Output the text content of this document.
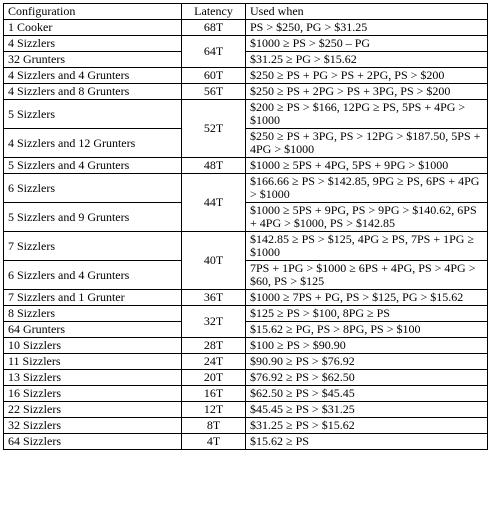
Configuration	Latency	Used when
1 Cooker	68T	PS > $250, PG > $31.25
4 Sizzlers	64T	$1000 ≥ PS > $250 – PG
32 Grunters		$31.25 ≥ PG > $15.62
4 Sizzlers and 4 Grunters	60T	$250 ≥ PS + PG > PS + 2PG, PS > $200
4 Sizzlers and 8 Grunters	56T	$250 ≥ PS + 2PG > PS + 3PG, PS > $200
5 Sizzlers	52T	$200 ≥ PS > $166, 12PG ≥ PS, 5PS + 4PG > $1000
4 Sizzlers and 12 Grunters		$250 ≥ PS + 3PG, PS > 12PG > $187.50, 5PS + 4PG > $1000
5 Sizzlers and 4 Grunters	48T	$1000 ≥ 5PS + 4PG, 5PS + 9PG > $1000
6 Sizzlers	44T	$166.66 ≥ PS > $142.85, 9PG ≥ PS, 6PS + 4PG > $1000
5 Sizzlers and 9 Grunters		$1000 ≥ 5PS + 9PG, PS > 9PG > $140.62, 6PS + 4PG > $1000, PS > $142.85
7 Sizzlers	40T	$142.85 ≥ PS > $125, 4PG ≥ PS, 7PS + 1PG ≥ $1000
6 Sizzlers and 4 Grunters		7PS + 1PG > $1000 ≥ 6PS + 4PG, PS > 4PG > $60, PS > $125
7 Sizzlers and 1 Grunter	36T	$1000 ≥ 7PS + PG, PS > $125, PG > $15.62
8 Sizzlers	32T	$125 ≥ PS > $100, 8PG ≥ PS
64 Grunters		$15.62 ≥ PG, PS > 8PG, PS > $100
10 Sizzlers	28T	$100 ≥ PS > $90.90
11 Sizzlers	24T	$90.90 ≥ PS > $76.92
13 Sizzlers	20T	$76.92 ≥ PS > $62.50
16 Sizzlers	16T	$62.50 ≥ PS > $45.45
22 Sizzlers	12T	$45.45 ≥ PS > $31.25
32 Sizzlers	8T	$31.25 ≥ PS > $15.62
64 Sizzlers	4T	$15.62 ≥ PS
